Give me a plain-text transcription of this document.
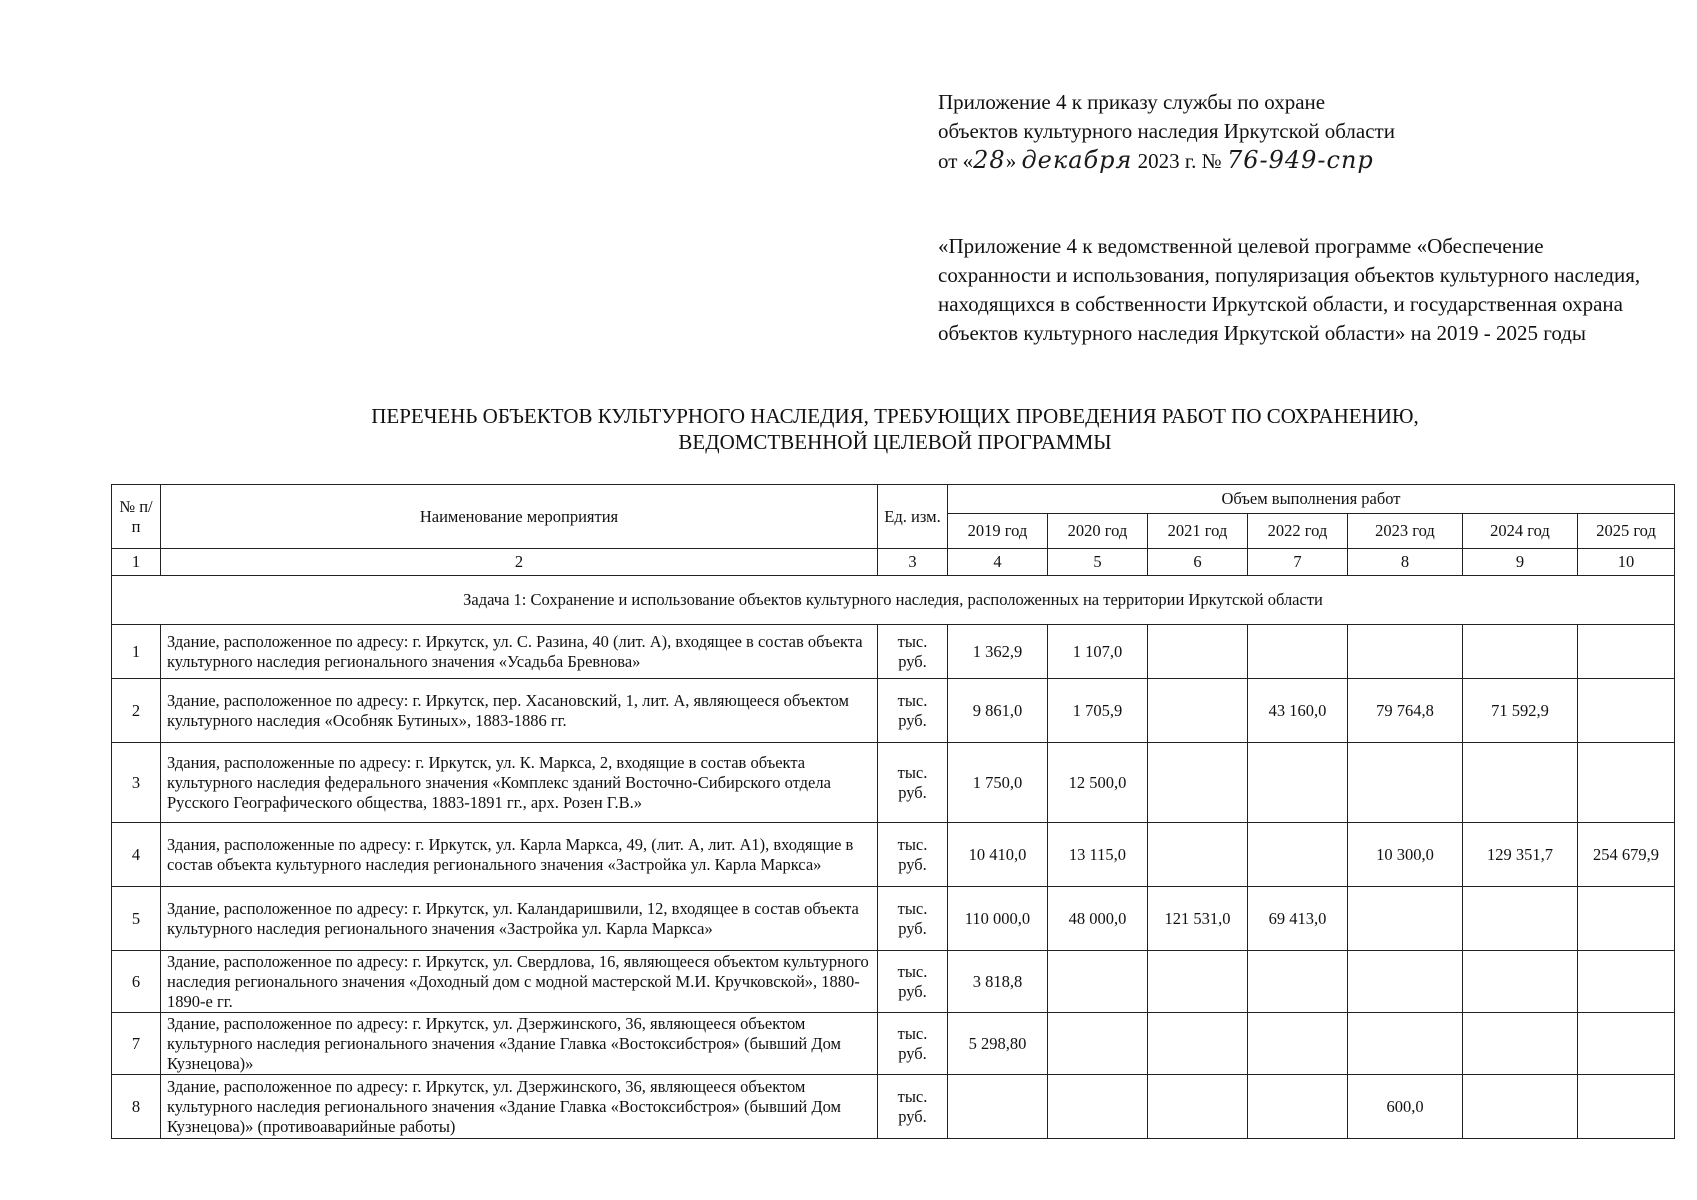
Приложение 4 к приказу службы по охране
объектов культурного наследия Иркутской области
от «28» декабря 2023 г. № 76-949-спр
«Приложение 4 к ведомственной целевой программе «Обеспечение сохранности и использования, популяризация объектов культурного наследия, находящихся в собственности Иркутской области, и государственная охрана объектов культурного наследия Иркутской области» на 2019 - 2025 годы
ПЕРЕЧЕНЬ ОБЪЕКТОВ КУЛЬТУРНОГО НАСЛЕДИЯ, ТРЕБУЮЩИХ ПРОВЕДЕНИЯ РАБОТ ПО СОХРАНЕНИЮ,
ВЕДОМСТВЕННОЙ ЦЕЛЕВОЙ ПРОГРАММЫ
№ п/п	Наименование мероприятия	Ед. изм.	Объем выполнения работ						
			2019 год	2020 год	2021 год	2022 год	2023 год	2024 год	2025 год
1	2	3	4	5	6	7	8	9	10
Задача 1: Сохранение и использование объектов культурного наследия, расположенных на территории Иркутской области									
1	Здание, расположенное по адресу: г. Иркутск, ул. С. Разина, 40 (лит. А), входящее в состав объекта культурного наследия регионального значения «Усадьба Бревнова»	тыс. руб.	1 362,9	1 107,0					
2	Здание, расположенное по адресу: г. Иркутск, пер. Хасановский, 1, лит. А, являющееся объектом культурного наследия «Особняк Бутиных», 1883-1886 гг.	тыс. руб.	9 861,0	1 705,9		43 160,0	79 764,8	71 592,9	
3	Здания, расположенные по адресу: г. Иркутск, ул. К. Маркса, 2, входящие в состав объекта культурного наследия федерального значения «Комплекс зданий Восточно-Сибирского отдела Русского Географического общества, 1883-1891 гг., арх. Розен Г.В.»	тыс. руб.	1 750,0	12 500,0					
4	Здания, расположенные по адресу: г. Иркутск, ул. Карла Маркса, 49, (лит. А, лит. А1), входящие в состав объекта культурного наследия регионального значения «Застройка ул. Карла Маркса»	тыс. руб.	10 410,0	13 115,0			10 300,0	129 351,7	254 679,9
5	Здание, расположенное по адресу: г. Иркутск, ул. Каландаришвили, 12, входящее в состав объекта культурного наследия регионального значения «Застройка ул. Карла Маркса»	тыс. руб.	110 000,0	48 000,0	121 531,0	69 413,0			
6	Здание, расположенное по адресу: г. Иркутск, ул. Свердлова, 16, являющееся объектом культурного наследия регионального значения «Доходный дом с модной мастерской М.И. Кручковской», 1880-1890-е гг.	тыс. руб.	3 818,8						
7	Здание, расположенное по адресу: г. Иркутск, ул. Дзержинского, 36, являющееся объектом культурного наследия регионального значения «Здание Главка «Востоксибстроя» (бывший Дом Кузнецова)»	тыс. руб.	5 298,80						
8	Здание, расположенное по адресу: г. Иркутск, ул. Дзержинского, 36, являющееся объектом культурного наследия регионального значения «Здание Главка «Востоксибстроя» (бывший Дом Кузнецова)» (противоаварийные работы)	тыс. руб.					600,0		
